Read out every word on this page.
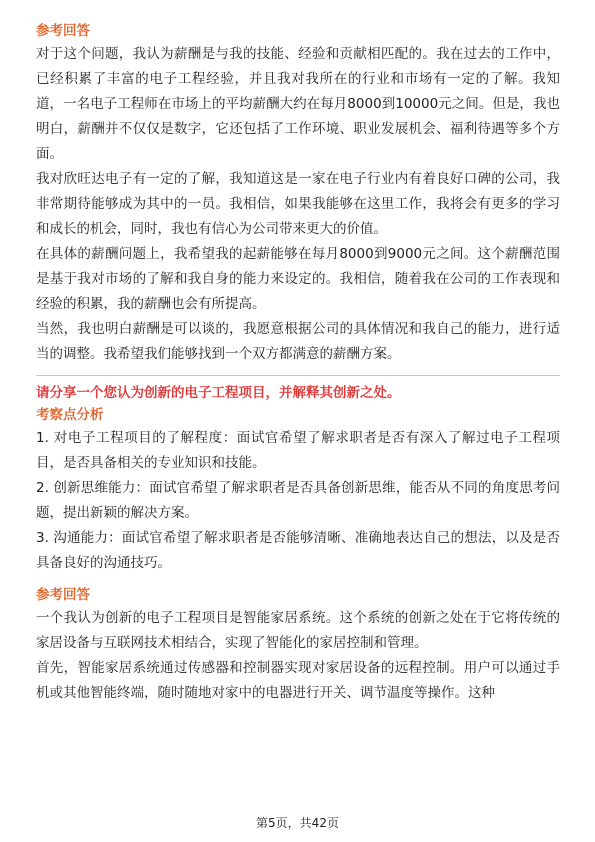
参考回答

对于这个问题，我认为薪酬是与我的技能、经验和贡献相匹配的。我在过去的工作中，已经积累了丰富的电子工程经验，并且我对我所在的行业和市场有一定的了解。我知道，一名电子工程师在市场上的平均薪酬大约在每月8000到10000元之间。但是，我也明白，薪酬并不仅仅是数字，它还包括了工作环境、职业发展机会、福利待遇等多个方面。

我对欣旺达电子有一定的了解，我知道这是一家在电子行业内有着良好口碑的公司，我非常期待能够成为其中的一员。我相信，如果我能够在这里工作，我将会有更多的学习和成长的机会，同时，我也有信心为公司带来更大的价值。

在具体的薪酬问题上，我希望我的起薪能够在每月8000到9000元之间。这个薪酬范围是基于我对市场的了解和我自身的能力来设定的。我相信，随着我在公司的工作表现和经验的积累，我的薪酬也会有所提高。

当然，我也明白薪酬是可以谈的，我愿意根据公司的具体情况和我自己的能力，进行适当的调整。我希望我们能够找到一个双方都满意的薪酬方案。

请分享一个您认为创新的电子工程项目，并解释其创新之处。

考察点分析

1. 对电子工程项目的了解程度：面试官希望了解求职者是否有深入了解过电子工程项目，是否具备相关的专业知识和技能。

2. 创新思维能力：面试官希望了解求职者是否具备创新思维，能否从不同的角度思考问题，提出新颖的解决方案。

3. 沟通能力：面试官希望了解求职者是否能够清晰、准确地表达自己的想法，以及是否具备良好的沟通技巧。

参考回答

一个我认为创新的电子工程项目是智能家居系统。这个系统的创新之处在于它将传统的家居设备与互联网技术相结合，实现了智能化的家居控制和管理。

首先，智能家居系统通过传感器和控制器实现对家居设备的远程控制。用户可以通过手机或其他智能终端，随时随地对家中的电器进行开关、调节温度等操作。这种

第5页，共42页
